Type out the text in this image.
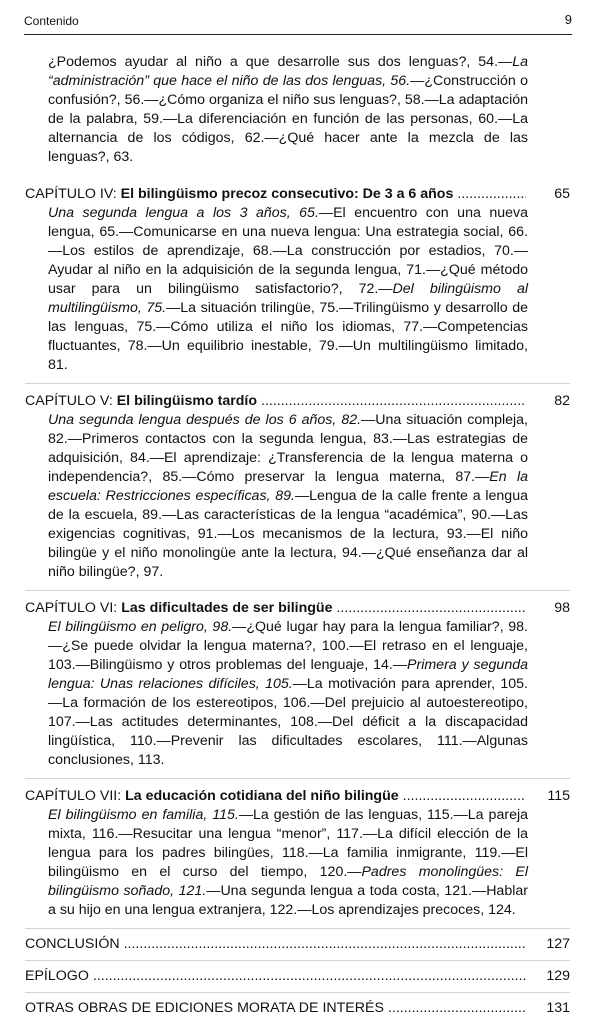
Contenido	9
¿Podemos ayudar al niño a que desarrolle sus dos lenguas?, 54.—La “administración” que hace el niño de las dos lenguas, 56.—¿Construcción o confusión?, 56.—¿Cómo organiza el niño sus lenguas?, 58.—La adaptación de la palabra, 59.—La diferenciación en función de las personas, 60.—La alternancia de los códigos, 62.—¿Qué hacer ante la mezcla de las lenguas?, 63.
CAPÍTULO IV: El bilingüismo precoz consecutivo: De 3 a 6 años .....	65
Una segunda lengua a los 3 años, 65.—El encuentro con una nueva lengua, 65.—Comunicarse en una nueva lengua: Una estrategia social, 66.—Los estilos de aprendizaje, 68.—La construcción por estadios, 70.—Ayudar al niño en la adquisición de la segunda lengua, 71.—¿Qué método usar para un bilingüismo satisfactorio?, 72.—Del bilingüismo al multilingüismo, 75.—La situación trilingüe, 75.—Trilingüismo y desarrollo de las lenguas, 75.—Cómo utiliza el niño los idiomas, 77.—Competencias fluctuantes, 78.—Un equilibrio inestable, 79.—Un multilingüismo limitado, 81.
CAPÍTULO V: El bilingüismo tardío .....	82
Una segunda lengua después de los 6 años, 82.—Una situación compleja, 82.—Primeros contactos con la segunda lengua, 83.—Las estrategias de adquisición, 84.—El aprendizaje: ¿Transferencia de la lengua materna o independencia?, 85.—Cómo preservar la lengua materna, 87.—En la escuela: Restricciones específicas, 89.—Lengua de la calle frente a lengua de la escuela, 89.—Las características de la lengua “académica”, 90.—Las exigencias cognitivas, 91.—Los mecanismos de la lectura, 93.—El niño bilingüe y el niño monolingüe ante la lectura, 94.—¿Qué enseñanza dar al niño bilingüe?, 97.
CAPÍTULO VI: Las dificultades de ser bilingüe .....	98
El bilingüismo en peligro, 98.—¿Qué lugar hay para la lengua familiar?, 98.—¿Se puede olvidar la lengua materna?, 100.—El retraso en el lenguaje, 103.—Bilingüismo y otros problemas del lenguaje, 14.—Primera y segunda lengua: Unas relaciones difíciles, 105.—La motivación para aprender, 105.—La formación de los estereotipos, 106.—Del prejuicio al autoestereotipo, 107.—Las actitudes determinantes, 108.—Del déficit a la discapacidad lingüística, 110.—Prevenir las dificultades escolares, 111.—Algunas conclusiones, 113.
CAPÍTULO VII: La educación cotidiana del niño bilingüe .....	115
El bilingüismo en familia, 115.—La gestión de las lenguas, 115.—La pareja mixta, 116.—Resucitar una lengua “menor”, 117.—La difícil elección de la lengua para los padres bilingües, 118.—La familia inmigrante, 119.—El bilingüismo en el curso del tiempo, 120.—Padres monolingües: El bilingüismo soñado, 121.—Una segunda lengua a toda costa, 121.—Hablar a su hijo en una lengua extranjera, 122.—Los aprendizajes precoces, 124.
CONCLUSIÓN .....	127
EPÍLOGO .....	129
OTRAS OBRAS DE EDICIONES MORATA DE INTERÉS .....	131
